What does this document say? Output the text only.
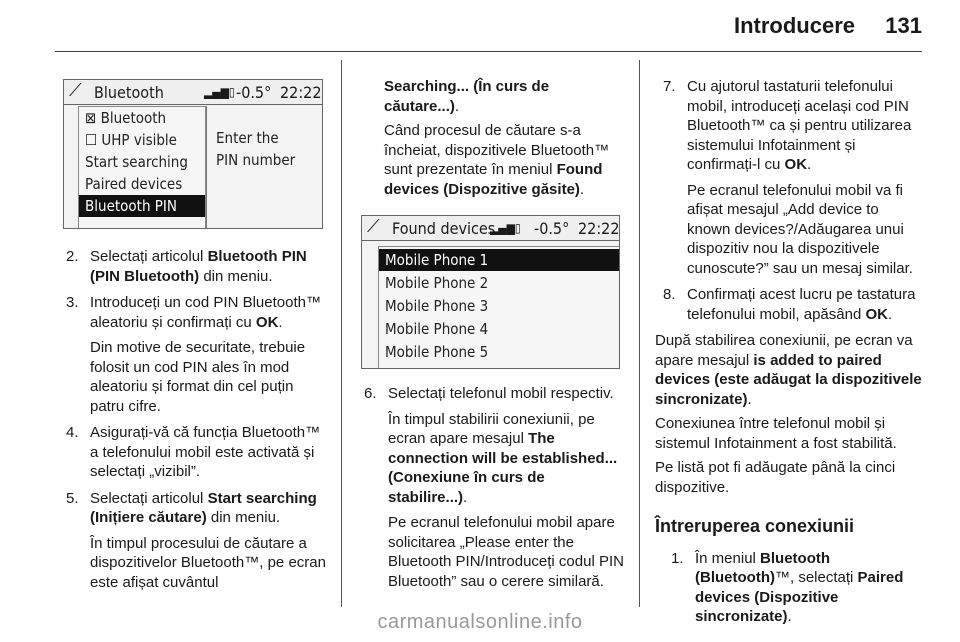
Introducere 131
⟋ Bluetooth	▂▄▆▯ -0.5° 22:22
⊠ Bluetooth
☐ UHP visible
Start searching
Paired devices
Bluetooth PIN
Enter the
PIN number
⟋ Found devices
▂▄▆▯ -0.5° 22:22
Mobile Phone 1
Mobile Phone 2
Mobile Phone 3
Mobile Phone 4
Mobile Phone 5
2. Selectați articolul Bluetooth PIN (PIN Bluetooth) din meniu.

3. Introduceți un cod PIN Bluetooth™ aleatoriu și confirmați cu OK.

Din motive de securitate, trebuie folosit un cod PIN ales în mod aleatoriu și format din cel puțin patru cifre.

4. Asigurați-vă că funcția Bluetooth™ a telefonului mobil este activată și selectați „vizibil”.

5. Selectați articolul Start searching (Inițiere căutare) din meniu.

În timpul procesului de căutare a dispozitivelor Bluetooth™, pe ecran este afișat cuvântul

Searching... (În curs de căutare...).

Când procesul de căutare s-a încheiat, dispozitivele Bluetooth™ sunt prezentate în meniul Found devices (Dispozitive găsite).

6. Selectați telefonul mobil respectiv.

În timpul stabilirii conexiunii, pe ecran apare mesajul The connection will be established... (Conexiune în curs de stabilire...).

Pe ecranul telefonului mobil apare solicitarea „Please enter the Bluetooth PIN/Introduceți codul PIN Bluetooth” sau o cerere similară.

7. Cu ajutorul tastaturii telefonului mobil, introduceți același cod PIN Bluetooth™ ca și pentru utilizarea sistemului Infotainment și confirmați-l cu OK.

Pe ecranul telefonului mobil va fi afișat mesajul „Add device to known devices?/Adăugarea unui dispozitiv nou la dispozitivele cunoscute?” sau un mesaj similar.

8. Confirmați acest lucru pe tastatura telefonului mobil, apăsând OK.

După stabilirea conexiunii, pe ecran va apare mesajul is added to paired devices (este adăugat la dispozitivele sincronizate).

Conexiunea între telefonul mobil și sistemul Infotainment a fost stabilită.

Pe listă pot fi adăugate până la cinci dispozitive.

Întreruperea conexiunii
1. În meniul Bluetooth (Bluetooth)™, selectați Paired devices (Dispozitive sincronizate).

carmanualsonline.info
